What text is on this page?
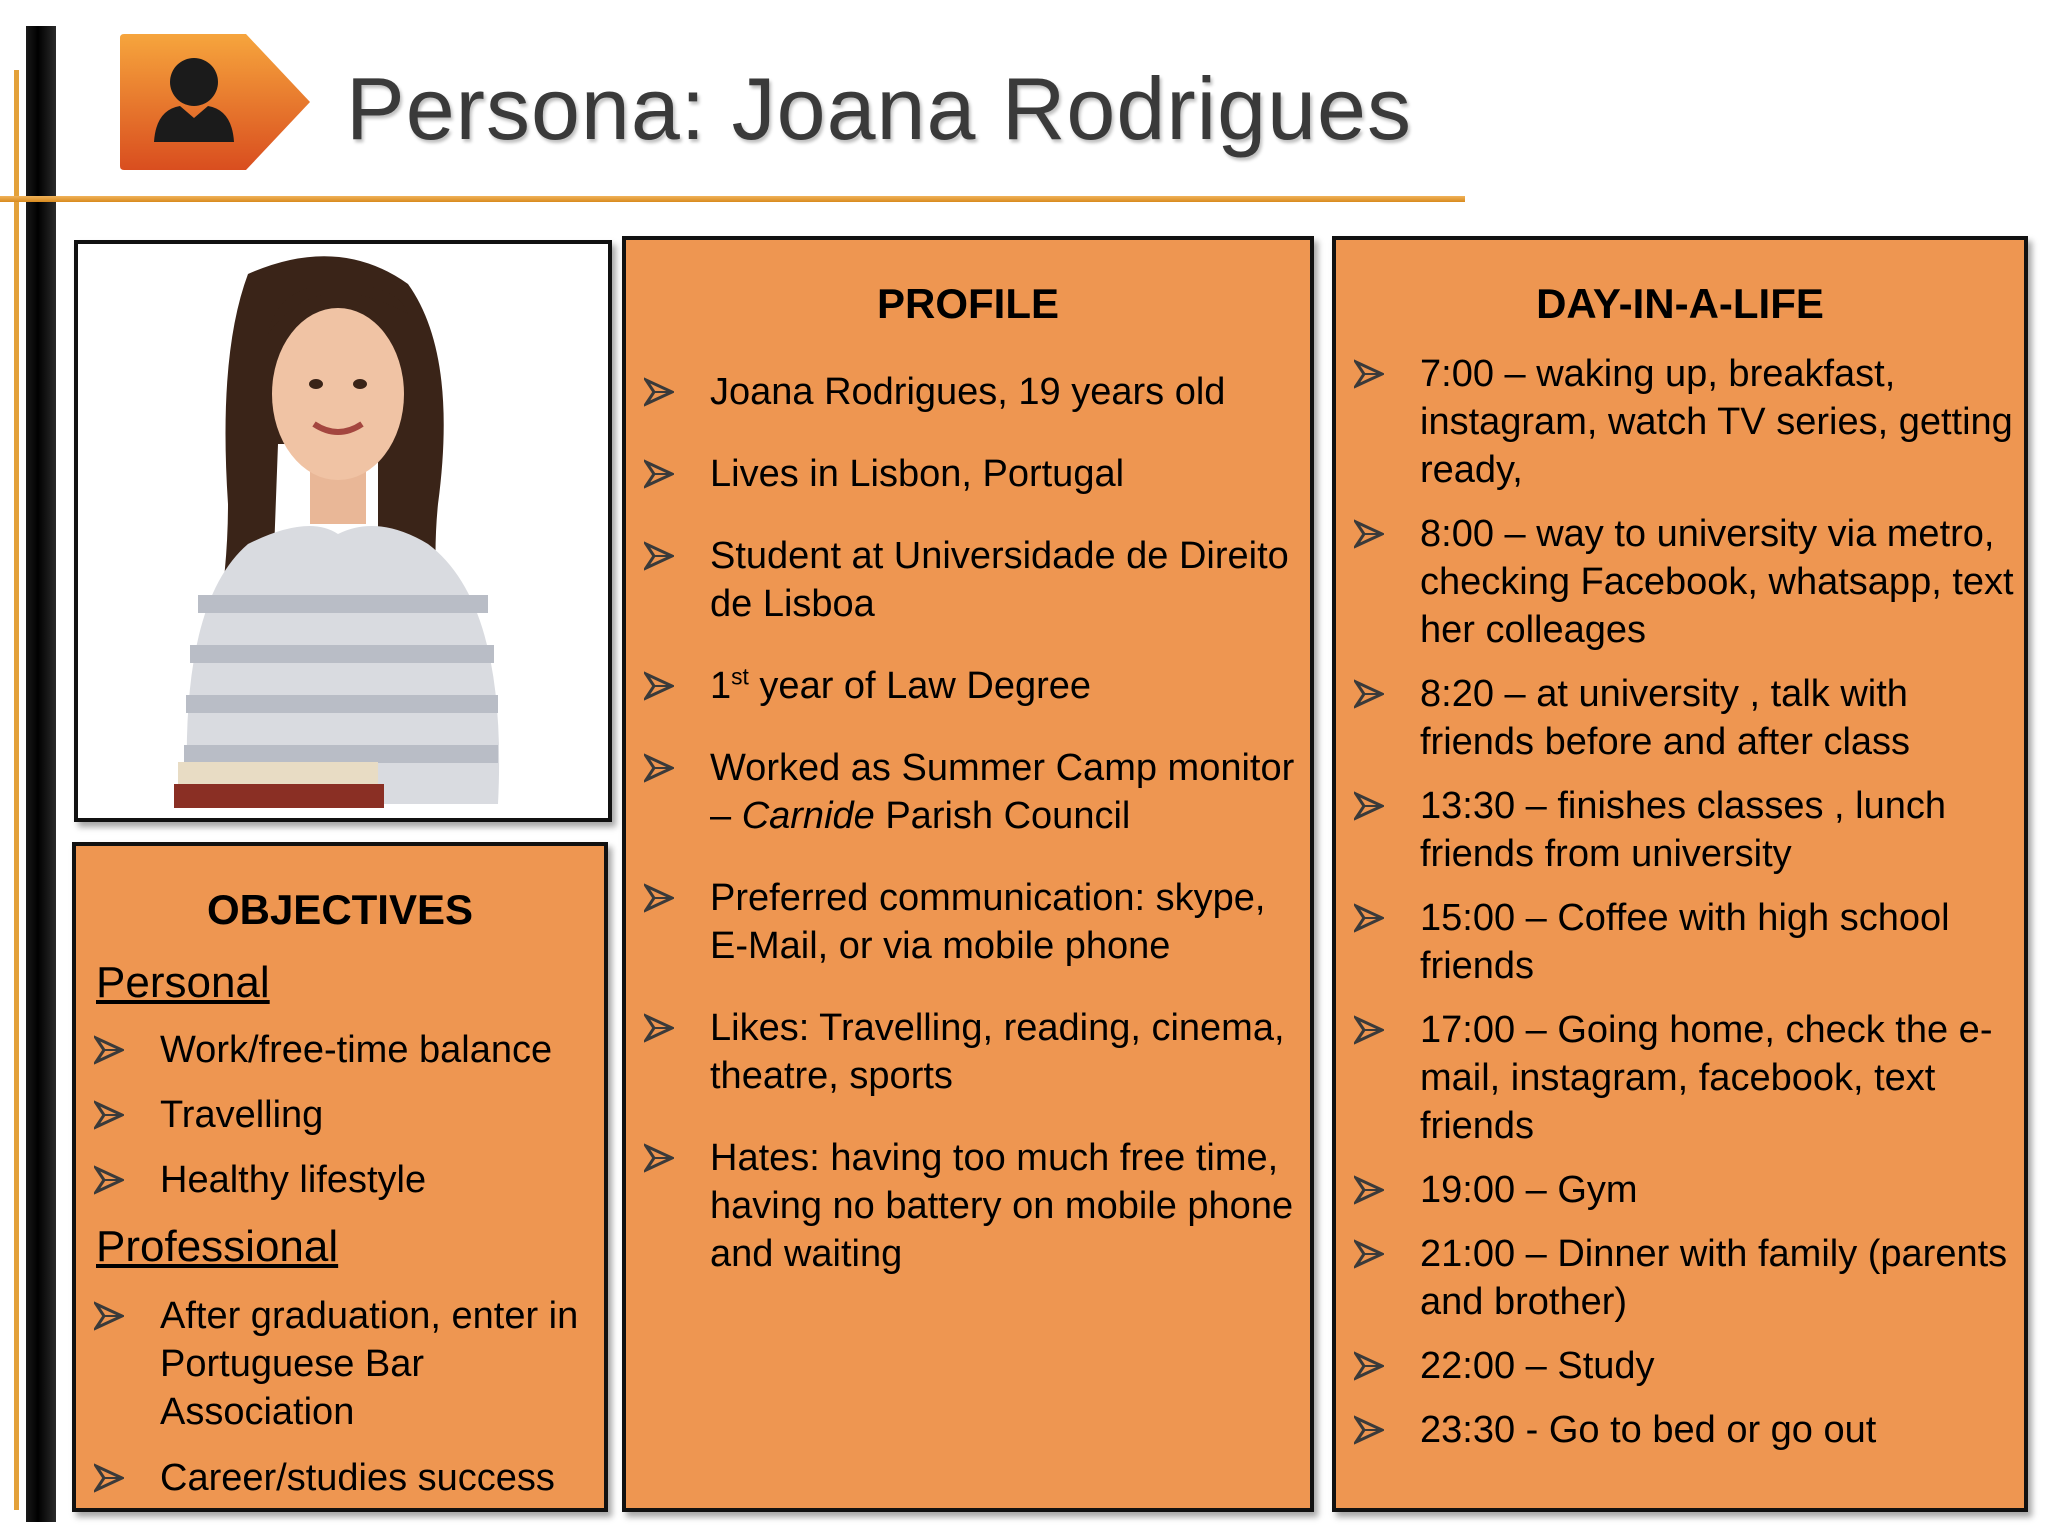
Persona: Joana Rodrigues
OBJECTIVES
Personal
Work/free-time balance
Travelling
Healthy lifestyle
Professional
After graduation, enter in Portuguese Bar Association
Career/studies success
PROFILE
Joana Rodrigues, 19 years old
Lives in Lisbon, Portugal
Student at Universidade de Direito de Lisboa
1st year of Law Degree
Worked as Summer Camp monitor – Carnide Parish Council
Preferred communication: skype, E-Mail, or via mobile phone
Likes: Travelling, reading, cinema, theatre, sports
Hates: having too much free time, having no battery on mobile phone and waiting
DAY-IN-A-LIFE
7:00 – waking up, breakfast, instagram, watch TV series, getting ready,
8:00 – way to university via metro, checking Facebook, whatsapp, text her colleages
8:20 – at university , talk with friends before and after class
13:30 – finishes classes , lunch friends from university
15:00 – Coffee with high school friends
17:00 – Going home, check the e-mail, instagram, facebook, text friends
19:00 – Gym
21:00 – Dinner with family (parents and brother)
22:00 – Study
23:30 - Go to bed or go out
